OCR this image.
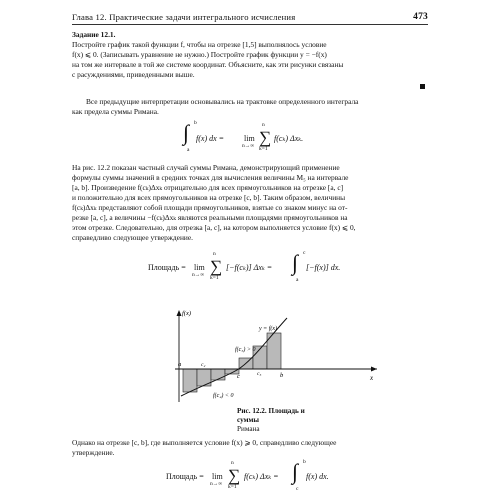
Глава 12. Практические задачи интегрального исчисления	473
Задание 12.1.
Постройте график такой функции f, чтобы на отрезке [1,5] выполнялось условие
f(x) ⩽ 0. (Записывать уравнение не нужно.) Постройте график функции y = −f(x)
на том же интервале в той же системе координат. Объясните, как эти рисунки связаны
с расуждениями, приведенными выше.
Все предыдущие интерпретации основывались на трактовке определенного интеграла
как предела суммы Римана.
∫ b
a
f(x) dx = lim
n→∞
n
∑
k=1
f(cₖ) Δxₖ.
На рис. 12.2 показан частный случай суммы Римана, демонстрирующий применение
формулы суммы значений в средних точках для вычисления величины M₅ на интервале
[a, b]. Произведение f(cₖ)Δxₖ отрицательно для всех прямоугольников на отрезке [a, c]
и положительно для всех прямоугольников на отрезке [c, b]. Таким образом, величины
f(cₖ)Δxₖ представляют собой площади прямоугольников, взятые со знаком минус на от-
резке [a, c], а величины −f(cₖ)Δxₖ являются реальными площадями прямоугольников на
этом отрезке. Следовательно, для отрезка [a, c], на котором выполняется условие f(x) ⩽ 0,
справедливо следующее утверждение.
Площадь = lim
n→∞
n
∑
k=1
[−f(cₖ)] Δxₖ = ∫ c
a
[−f(x)] dx.
f(x)
x
y = f(x)
f(c₅) > 0
f(c₂) < 0
a
c	b
c₂
c₅
Рис. 12.2. Площадь и суммы
Римана
Однако на отрезке [c, b], где выполняется условие f(x) ⩾ 0, справедливо следующее
утверждение.
Площадь = lim
n→∞
n
∑
k=1
f(cₖ) Δxₖ = ∫ b
c
f(x) dx.
